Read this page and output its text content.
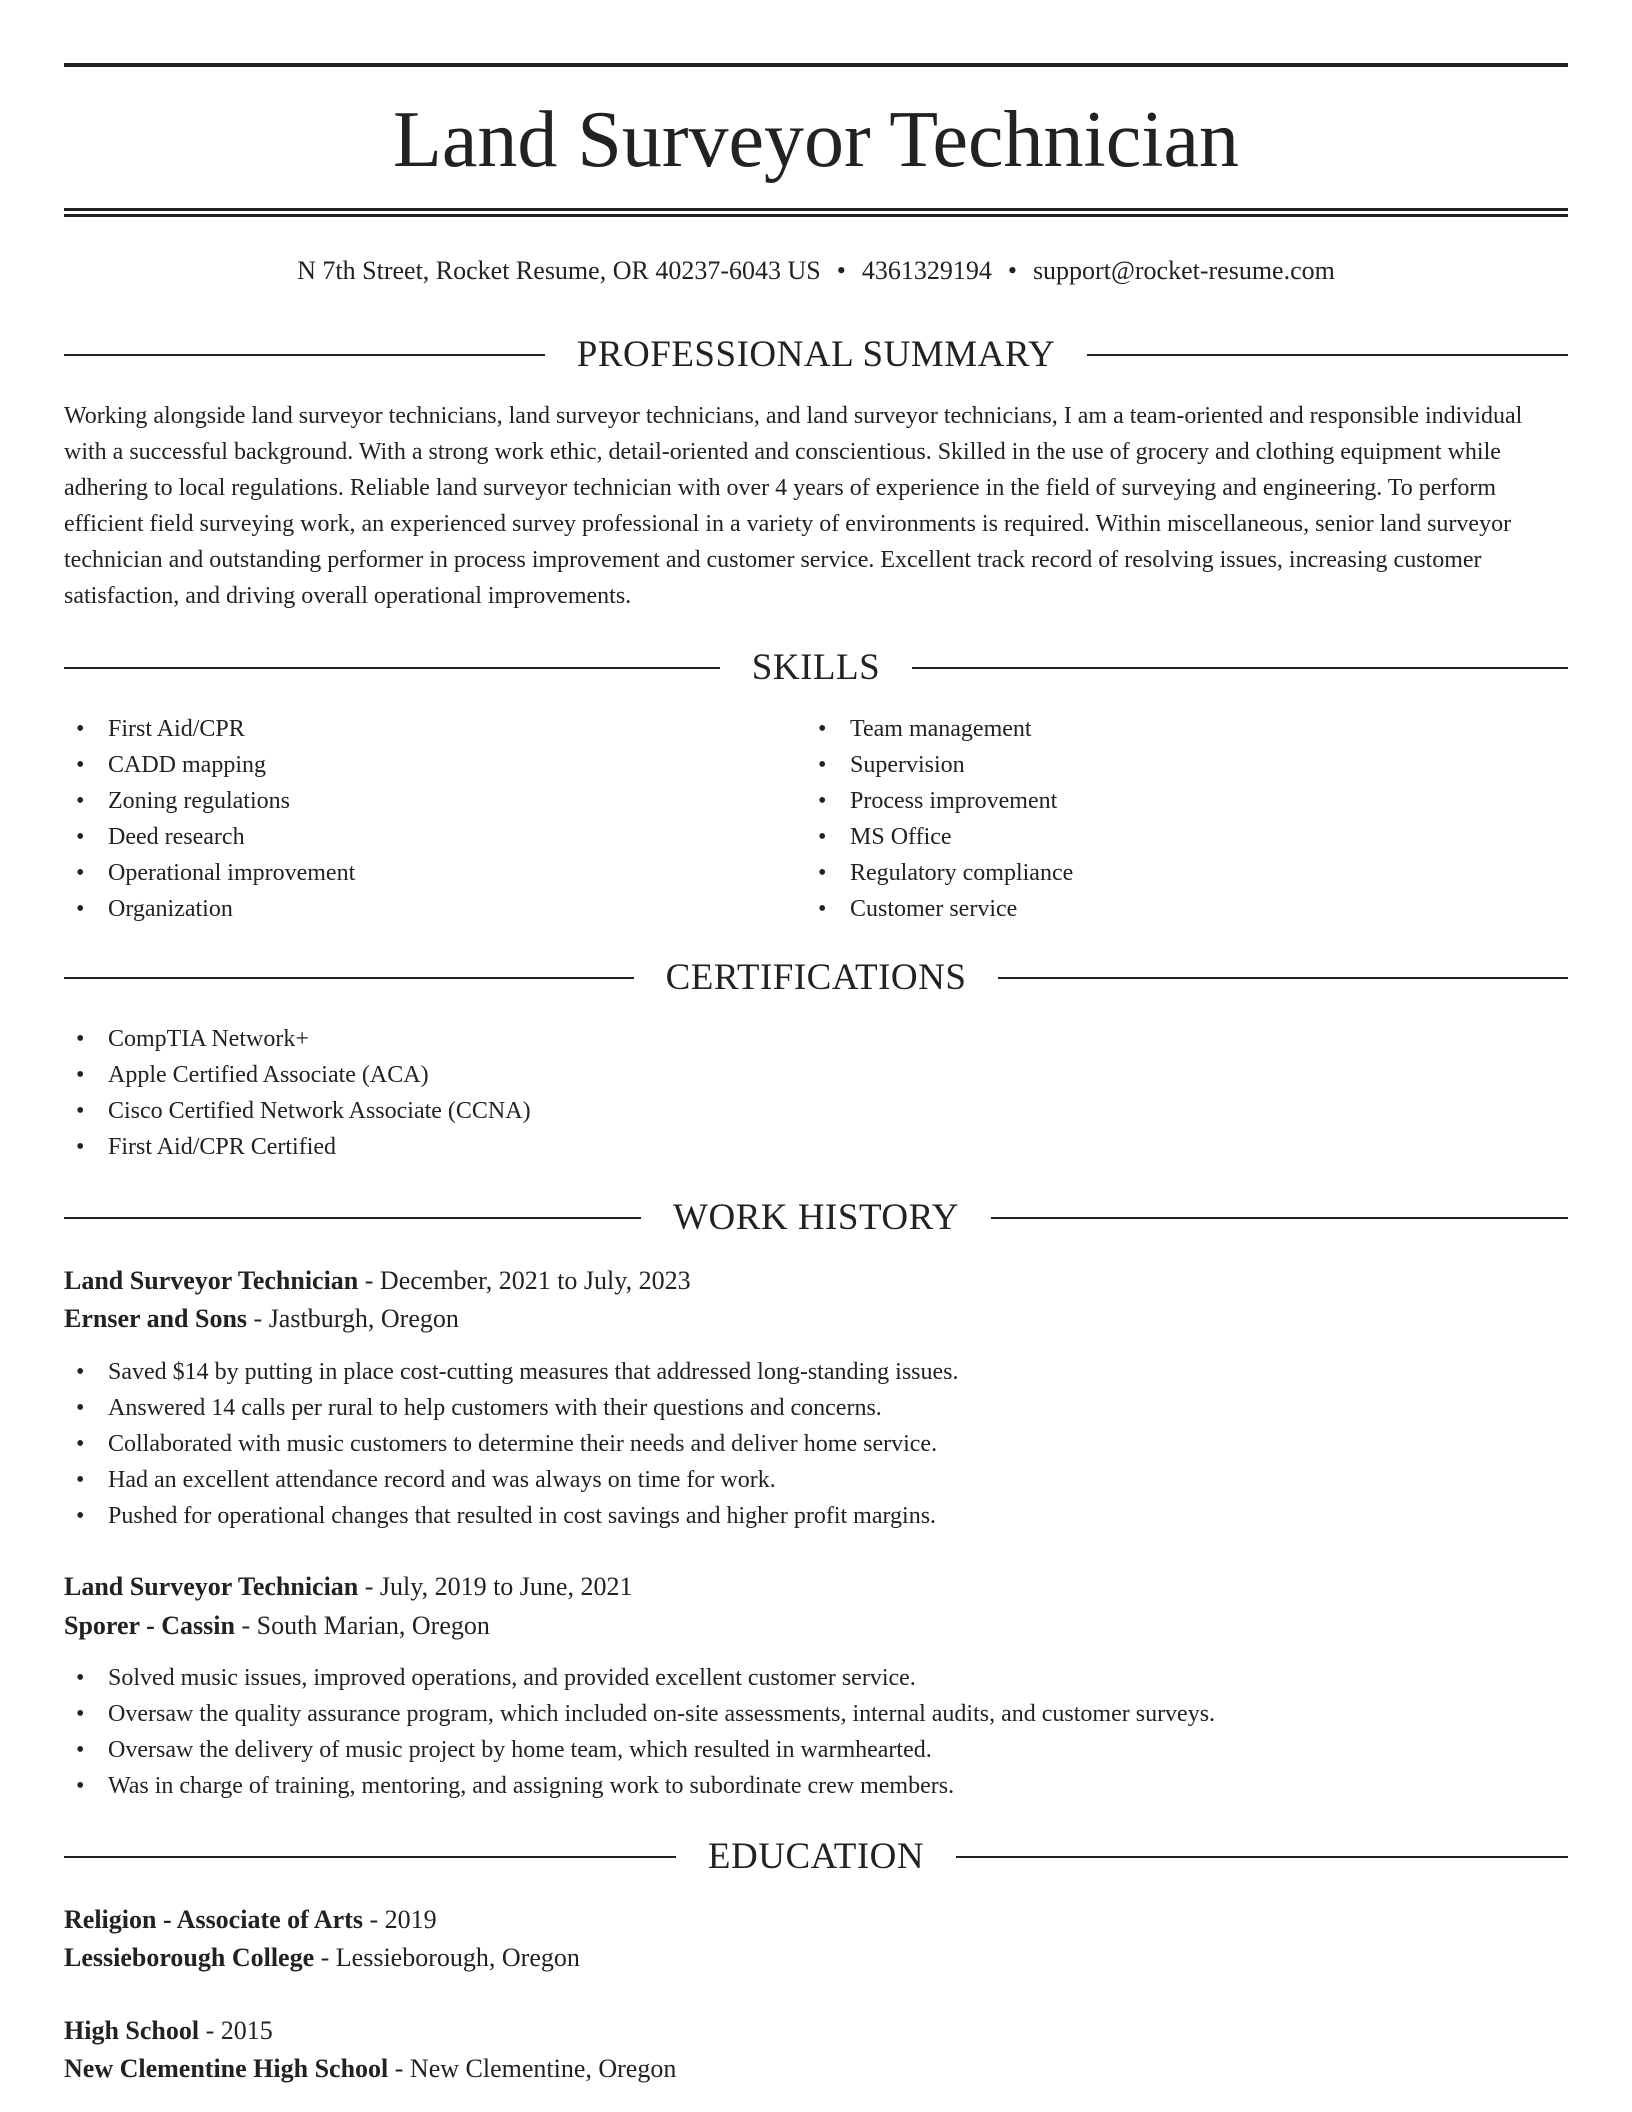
Land Surveyor Technician
N 7th Street, Rocket Resume, OR 40237-6043 US • 4361329194 • support@rocket-resume.com
PROFESSIONAL SUMMARY

Working alongside land surveyor technicians, land surveyor technicians, and land surveyor technicians, I am a team-oriented and responsible individual with a successful background. With a strong work ethic, detail-oriented and conscientious. Skilled in the use of grocery and clothing equipment while adhering to local regulations. Reliable land surveyor technician with over 4 years of experience in the field of surveying and engineering. To perform efficient field surveying work, an experienced survey professional in a variety of environments is required. Within miscellaneous, senior land surveyor technician and outstanding performer in process improvement and customer service. Excellent track record of resolving issues, increasing customer satisfaction, and driving overall operational improvements.

SKILLS
• First Aid/CPR
• CADD mapping
• Zoning regulations
• Deed research
• Operational improvement
• Organization
• Team management
• Supervision
• Process improvement
• MS Office
• Regulatory compliance
• Customer service
CERTIFICATIONS
• CompTIA Network+
• Apple Certified Associate (ACA)
• Cisco Certified Network Associate (CCNA)
• First Aid/CPR Certified
WORK HISTORY
Land Surveyor Technician - December, 2021 to July, 2023
Ernser and Sons - Jastburgh, Oregon
• Saved $14 by putting in place cost-cutting measures that addressed long-standing issues.
• Answered 14 calls per rural to help customers with their questions and concerns.
• Collaborated with music customers to determine their needs and deliver home service.
• Had an excellent attendance record and was always on time for work.
• Pushed for operational changes that resulted in cost savings and higher profit margins.
Land Surveyor Technician - July, 2019 to June, 2021
Sporer - Cassin - South Marian, Oregon
• Solved music issues, improved operations, and provided excellent customer service.
• Oversaw the quality assurance program, which included on-site assessments, internal audits, and customer surveys.
• Oversaw the delivery of music project by home team, which resulted in warmhearted.
• Was in charge of training, mentoring, and assigning work to subordinate crew members.
EDUCATION
Religion - Associate of Arts - 2019
Lessieborough College - Lessieborough, Oregon
High School - 2015
New Clementine High School - New Clementine, Oregon
